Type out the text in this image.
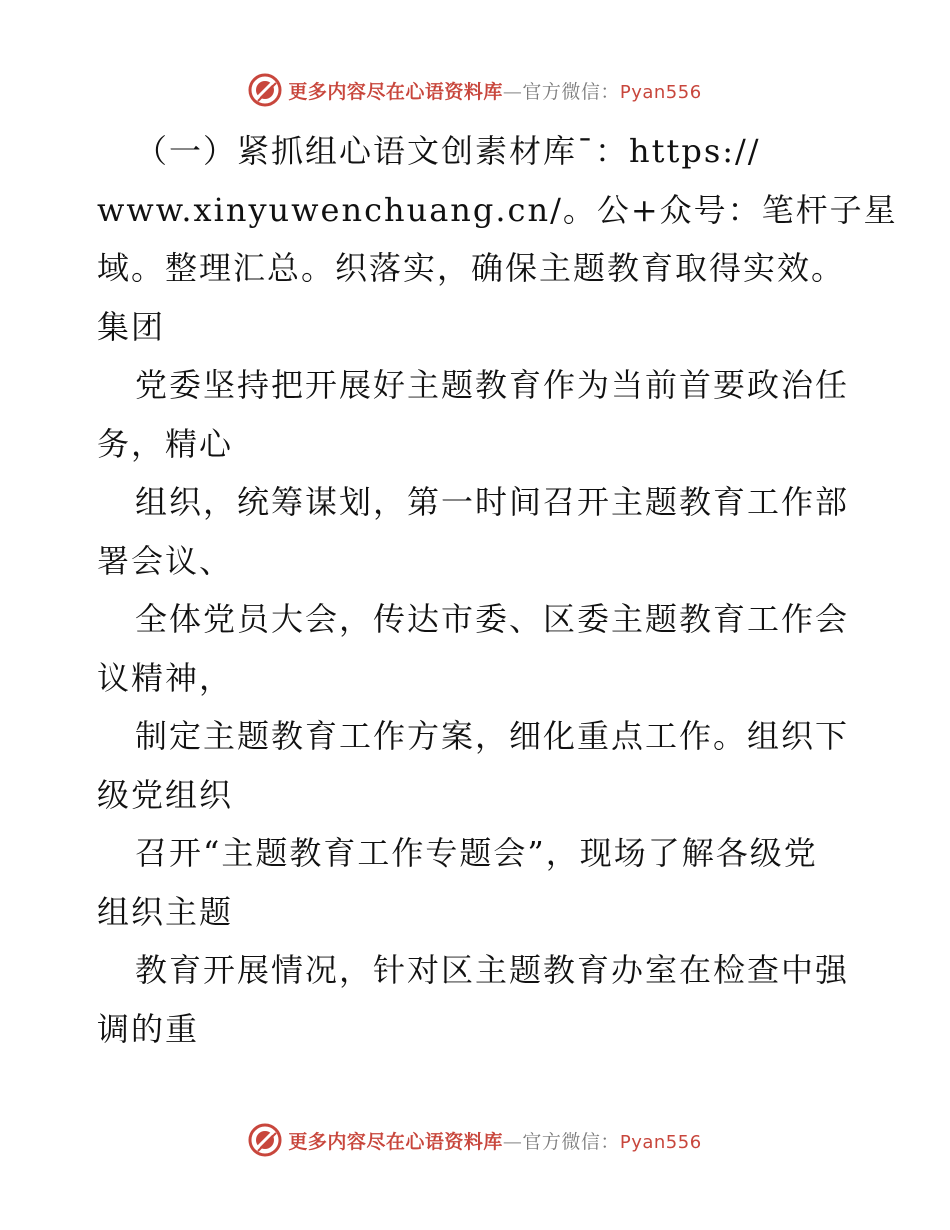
更多内容尽在心语资料库—官方微信：Pyan556
（一）紧抓组心语文创素材库¯：https://
www.xinyuwenchuang.cn/。公+众号：笔杆子星
域。整理汇总。织落实，确保主题教育取得实效。
集团
党委坚持把开展好主题教育作为当前首要政治任
务，精心
组织，统筹谋划，第一时间召开主题教育工作部
署会议、
全体党员大会，传达市委、区委主题教育工作会
议精神，
制定主题教育工作方案，细化重点工作。组织下
级党组织
召开“主题教育工作专题会”，现场了解各级党
组织主题
教育开展情况，针对区主题教育办室在检查中强
调的重
更多内容尽在心语资料库—官方微信：Pyan556
